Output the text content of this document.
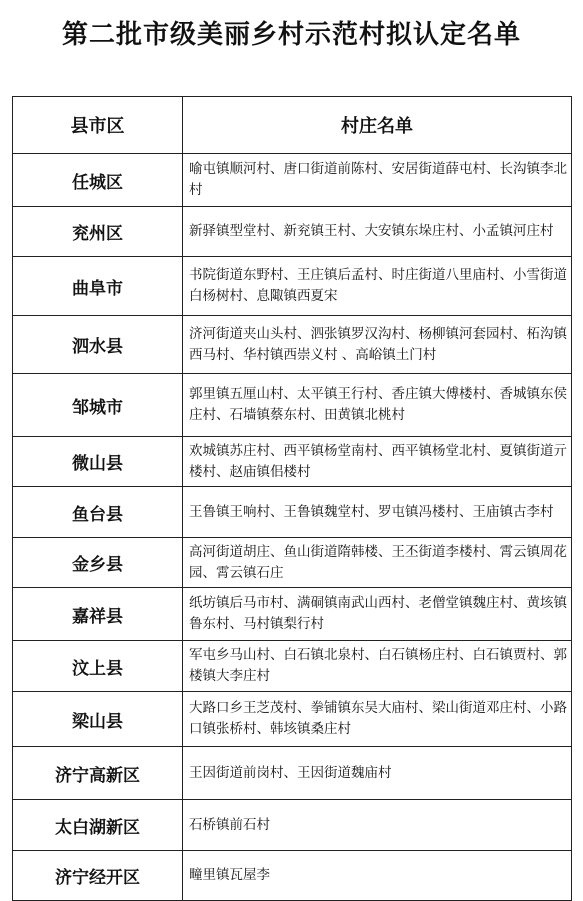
第二批市级美丽乡村示范村拟认定名单
县市区	村庄名单
任城区	喻屯镇顺河村、唐口街道前陈村、安居街道薛屯村、长沟镇李北村
兖州区	新驿镇型堂村、新兖镇王村、大安镇东垛庄村、小孟镇河庄村
曲阜市	书院街道东野村、王庄镇后孟村、时庄街道八里庙村、小雪街道白杨树村、息陬镇西夏宋
泗水县	济河街道夹山头村、泗张镇罗汉沟村、杨柳镇河套园村、柘沟镇西马村、华村镇西崇义村 、高峪镇土门村
邹城市	郭里镇五厘山村、太平镇王行村、香庄镇大傅楼村、香城镇东侯庄村、石墙镇蔡东村、田黄镇北桃村
微山县	欢城镇苏庄村、西平镇杨堂南村、西平镇杨堂北村、夏镇街道亓楼村、赵庙镇佀楼村
鱼台县	王鲁镇王响村、王鲁镇魏堂村、罗屯镇冯楼村、王庙镇古李村
金乡县	高河街道胡庄、鱼山街道隋韩楼、王丕街道李楼村、霄云镇周花园、霄云镇石庄
嘉祥县	纸坊镇后马市村、满硐镇南武山西村、老僧堂镇魏庄村、黄垓镇鲁东村、马村镇梨行村
汶上县	军屯乡马山村、白石镇北泉村、白石镇杨庄村、白石镇贾村、郭楼镇大李庄村
梁山县	大路口乡王芝茂村、拳铺镇东吴大庙村、梁山街道邓庄村、小路口镇张桥村、韩垓镇桑庄村
济宁高新区	王因街道前岗村、王因街道魏庙村
太白湖新区	石桥镇前石村
济宁经开区	疃里镇瓦屋李
